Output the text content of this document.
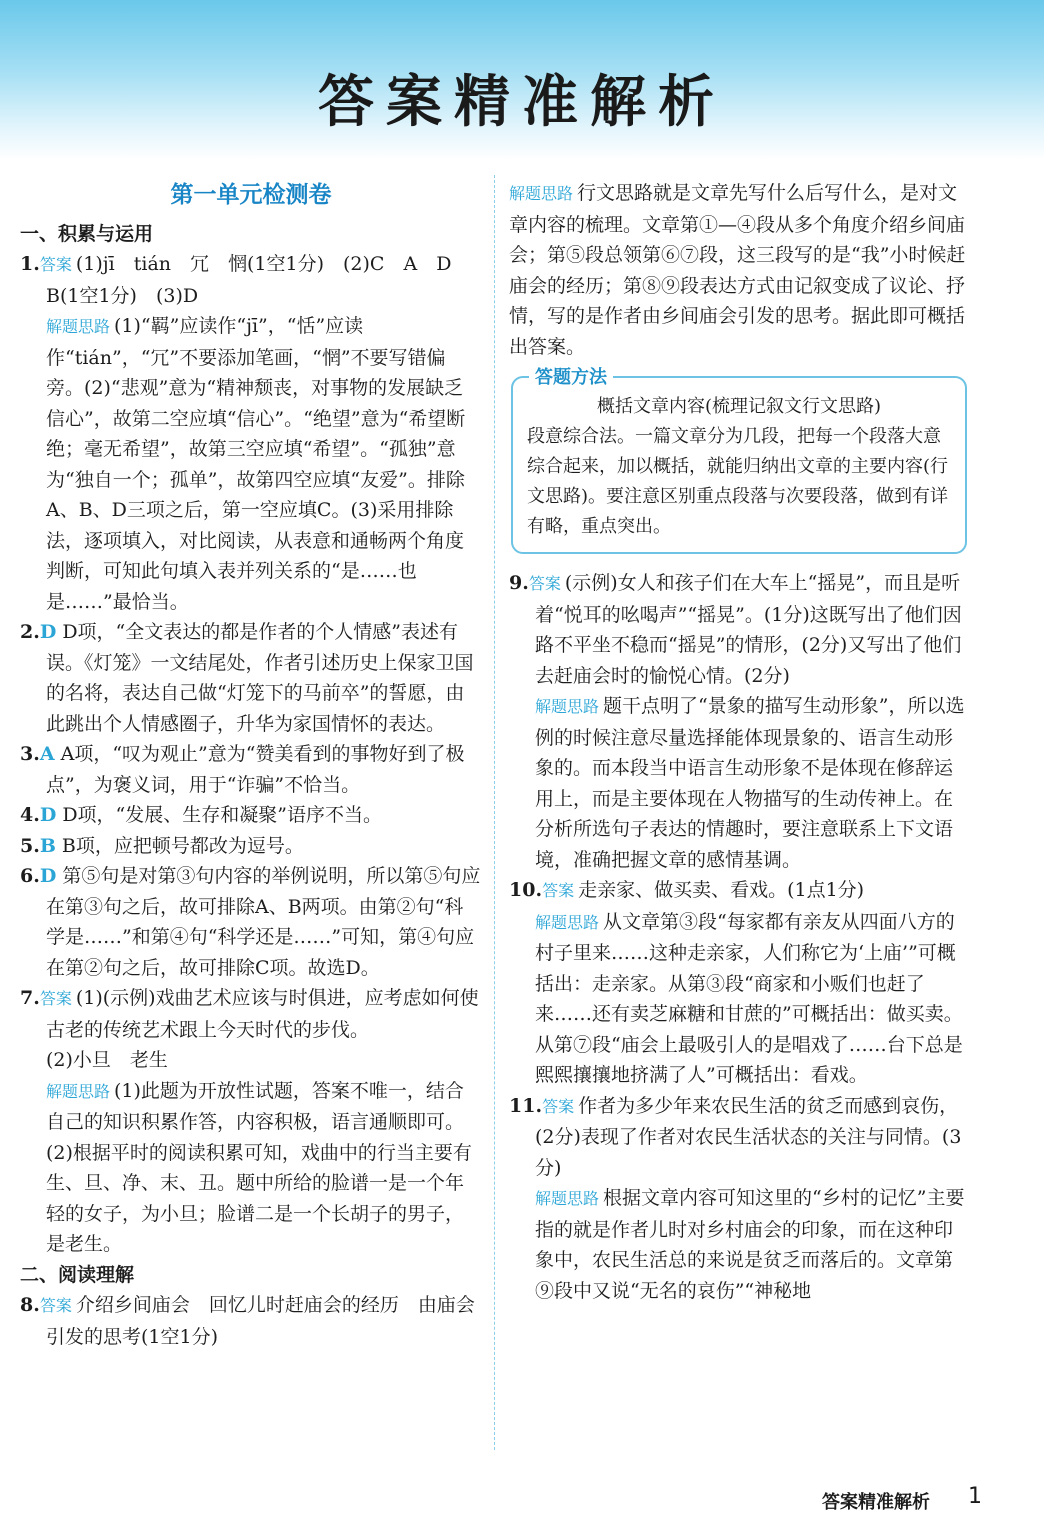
答案精准解析
第一单元检测卷
一、积累与运用
1.答案 (1)jī　tián　冗　惘(1空1分)　(2)C　A　D　B(1空1分)　(3)D
解题思路 (1)“羁”应读作“jī”，“恬”应读作“tián”，“冗”不要添加笔画，“惘”不要写错偏旁。(2)“悲观”意为“精神颓丧，对事物的发展缺乏信心”，故第二空应填“信心”。“绝望”意为“希望断绝；毫无希望”，故第三空应填“希望”。“孤独”意为“独自一个；孤单”，故第四空应填“友爱”。排除A、B、D三项之后，第一空应填C。(3)采用排除法，逐项填入，对比阅读，从表意和通畅两个角度判断，可知此句填入表并列关系的“是……也是……”最恰当。
2.D D项，“全文表达的都是作者的个人情感”表述有误。《灯笼》一文结尾处，作者引述历史上保家卫国的名将，表达自己做“灯笼下的马前卒”的誓愿，由此跳出个人情感圈子，升华为家国情怀的表达。
3.A A项，“叹为观止”意为“赞美看到的事物好到了极点”，为褒义词，用于“诈骗”不恰当。
4.D D项，“发展、生存和凝聚”语序不当。
5.B B项，应把顿号都改为逗号。
6.D 第⑤句是对第③句内容的举例说明，所以第⑤句应在第③句之后，故可排除A、B两项。由第②句“科学是……”和第④句“科学还是……”可知，第④句应在第②句之后，故可排除C项。故选D。
7.答案 (1)(示例)戏曲艺术应该与时俱进，应考虑如何使古老的传统艺术跟上今天时代的步伐。
(2)小旦　老生
解题思路 (1)此题为开放性试题，答案不唯一，结合自己的知识积累作答，内容积极，语言通顺即可。
(2)根据平时的阅读积累可知，戏曲中的行当主要有生、旦、净、末、丑。题中所给的脸谱一是一个年轻的女子，为小旦；脸谱二是一个长胡子的男子，是老生。
二、阅读理解
8.答案 介绍乡间庙会　回忆儿时赶庙会的经历　由庙会引发的思考(1空1分)
解题思路 行文思路就是文章先写什么后写什么，是对文章内容的梳理。文章第①—④段从多个角度介绍乡间庙会；第⑤段总领第⑥⑦段，这三段写的是“我”小时候赶庙会的经历；第⑧⑨段表达方式由记叙变成了议论、抒情，写的是作者由乡间庙会引发的思考。据此即可概括出答案。
答题方法
概括文章内容(梳理记叙文行文思路)
段意综合法。一篇文章分为几段，把每一个段落大意综合起来，加以概括，就能归纳出文章的主要内容(行文思路)。要注意区别重点段落与次要段落，做到有详有略，重点突出。
9.答案 (示例)女人和孩子们在大车上“摇晃”，而且是听着“悦耳的吆喝声”“摇晃”。(1分)这既写出了他们因路不平坐不稳而“摇晃”的情形，(2分)又写出了他们去赶庙会时的愉悦心情。(2分)
解题思路 题干点明了“景象的描写生动形象”，所以选例的时候注意尽量选择能体现景象的、语言生动形象的。而本段当中语言生动形象不是体现在修辞运用上，而是主要体现在人物描写的生动传神上。在分析所选句子表达的情趣时，要注意联系上下文语境，准确把握文章的感情基调。
10.答案 走亲家、做买卖、看戏。(1点1分)
解题思路 从文章第③段“每家都有亲友从四面八方的村子里来……这种走亲家，人们称它为‘上庙’”可概括出：走亲家。从第③段“商家和小贩们也赶了来……还有卖芝麻糖和甘蔗的”可概括出：做买卖。从第⑦段“庙会上最吸引人的是唱戏了……台下总是熙熙攘攘地挤满了人”可概括出：看戏。
11.答案 作者为多少年来农民生活的贫乏而感到哀伤，(2分)表现了作者对农民生活状态的关注与同情。(3分)
解题思路 根据文章内容可知这里的“乡村的记忆”主要指的就是作者儿时对乡村庙会的印象，而在这种印象中，农民生活总的来说是贫乏而落后的。文章第⑨段中又说“无名的哀伤”“神秘地
答案精准解析 1
